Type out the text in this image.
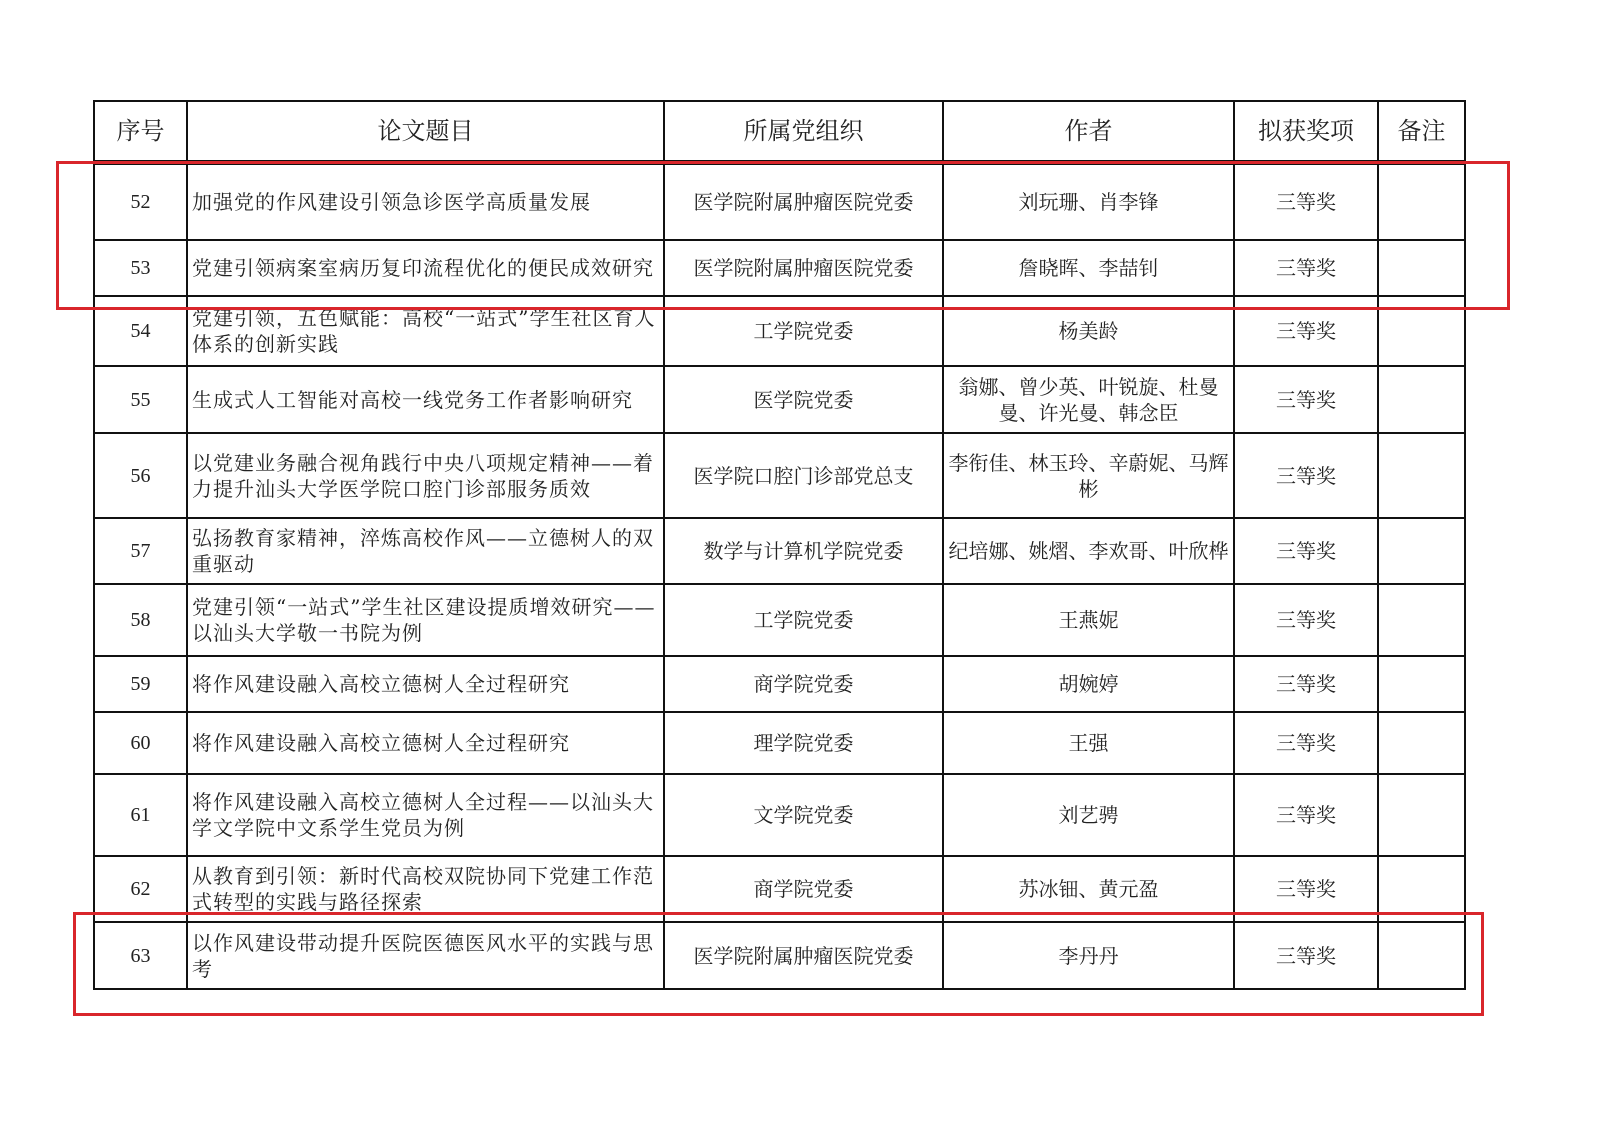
序号	论文题目	所属党组织	作者	拟获奖项	备注
52	加强党的作风建设引领急诊医学高质量发展	医学院附属肿瘤医院党委	刘玩珊、肖李锋	三等奖	
53	党建引领病案室病历复印流程优化的便民成效研究	医学院附属肿瘤医院党委	詹晓晖、李喆钊	三等奖	
54	党建引领，五色赋能：高校“一站式”学生社区育人体系的创新实践	工学院党委	杨美龄	三等奖	
55	生成式人工智能对高校一线党务工作者影响研究	医学院党委	翁娜、曾少英、叶锐旋、杜曼曼、许光曼、韩念臣	三等奖	
56	以党建业务融合视角践行中央八项规定精神——着力提升汕头大学医学院口腔门诊部服务质效	医学院口腔门诊部党总支	李衔佳、林玉玲、辛蔚妮、马辉彬	三等奖	
57	弘扬教育家精神，淬炼高校作风——立德树人的双重驱动	数学与计算机学院党委	纪培娜、姚熠、李欢哥、叶欣桦	三等奖	
58	党建引领“一站式”学生社区建设提质增效研究——以汕头大学敬一书院为例	工学院党委	王燕妮	三等奖	
59	将作风建设融入高校立德树人全过程研究	商学院党委	胡婉婷	三等奖	
60	将作风建设融入高校立德树人全过程研究	理学院党委	王强	三等奖	
61	将作风建设融入高校立德树人全过程——以汕头大学文学院中文系学生党员为例	文学院党委	刘艺骋	三等奖	
62	从教育到引领：新时代高校双院协同下党建工作范式转型的实践与路径探索	商学院党委	苏冰钿、黄元盈	三等奖	
63	以作风建设带动提升医院医德医风水平的实践与思考	医学院附属肿瘤医院党委	李丹丹	三等奖	
